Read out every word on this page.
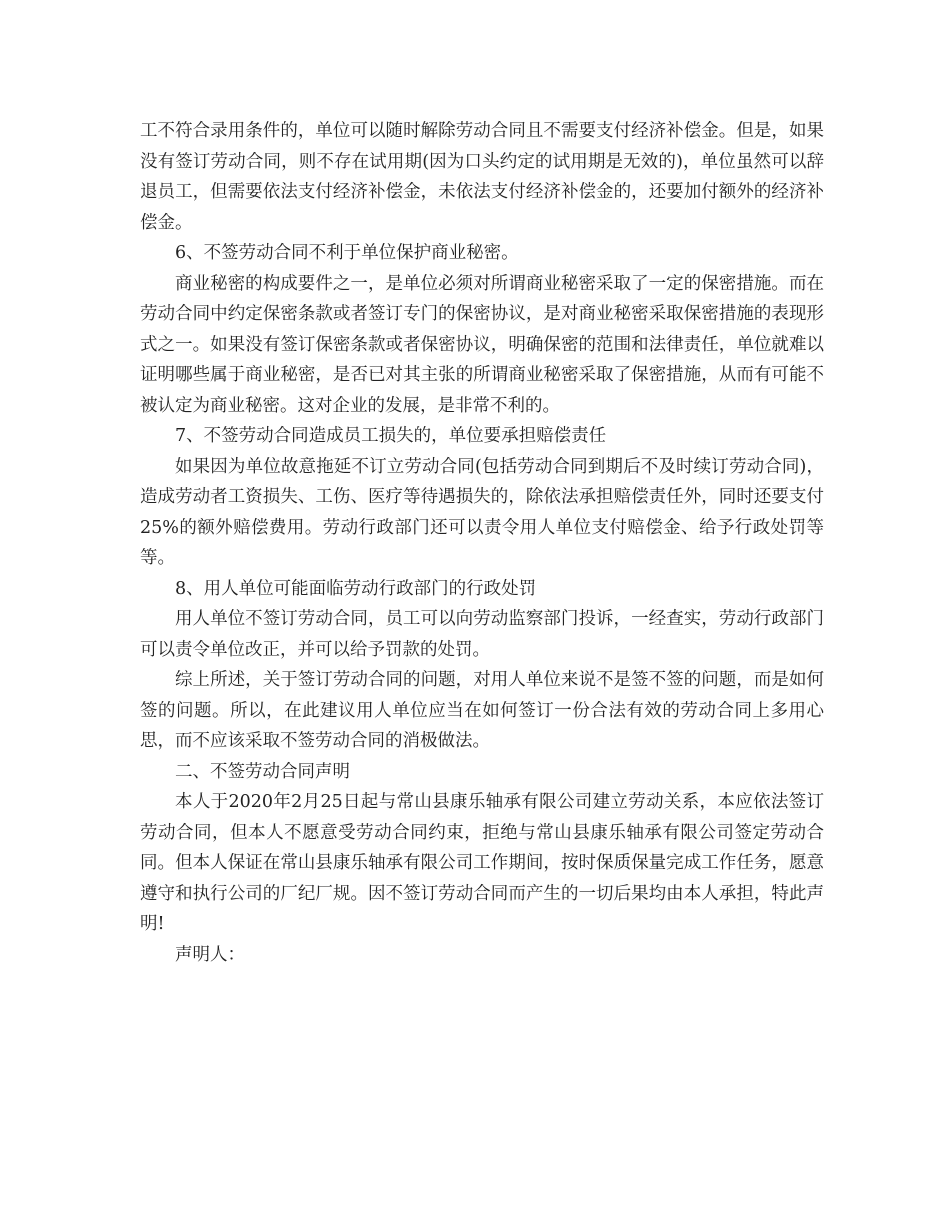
工不符合录用条件的，单位可以随时解除劳动合同且不需要支付经济补偿金。但是，如果没有签订劳动合同，则不存在试用期(因为口头约定的试用期是无效的)，单位虽然可以辞退员工，但需要依法支付经济补偿金，未依法支付经济补偿金的，还要加付额外的经济补偿金。

6、不签劳动合同不利于单位保护商业秘密。

商业秘密的构成要件之一，是单位必须对所谓商业秘密采取了一定的保密措施。而在劳动合同中约定保密条款或者签订专门的保密协议，是对商业秘密采取保密措施的表现形式之一。如果没有签订保密条款或者保密协议，明确保密的范围和法律责任，单位就难以证明哪些属于商业秘密，是否已对其主张的所谓商业秘密采取了保密措施，从而有可能不被认定为商业秘密。这对企业的发展，是非常不利的。

7、不签劳动合同造成员工损失的，单位要承担赔偿责任

如果因为单位故意拖延不订立劳动合同(包括劳动合同到期后不及时续订劳动合同)，造成劳动者工资损失、工伤、医疗等待遇损失的，除依法承担赔偿责任外，同时还要支付25%的额外赔偿费用。劳动行政部门还可以责令用人单位支付赔偿金、给予行政处罚等等。

8、用人单位可能面临劳动行政部门的行政处罚

用人单位不签订劳动合同，员工可以向劳动监察部门投诉，一经查实，劳动行政部门可以责令单位改正，并可以给予罚款的处罚。

综上所述，关于签订劳动合同的问题，对用人单位来说不是签不签的问题，而是如何签的问题。所以，在此建议用人单位应当在如何签订一份合法有效的劳动合同上多用心思，而不应该采取不签劳动合同的消极做法。

二、不签劳动合同声明

本人于2020年2月25日起与常山县康乐轴承有限公司建立劳动关系，本应依法签订劳动合同，但本人不愿意受劳动合同约束，拒绝与常山县康乐轴承有限公司签定劳动合同。但本人保证在常山县康乐轴承有限公司工作期间，按时保质保量完成工作任务，愿意遵守和执行公司的厂纪厂规。因不签订劳动合同而产生的一切后果均由本人承担，特此声明!

声明人：
